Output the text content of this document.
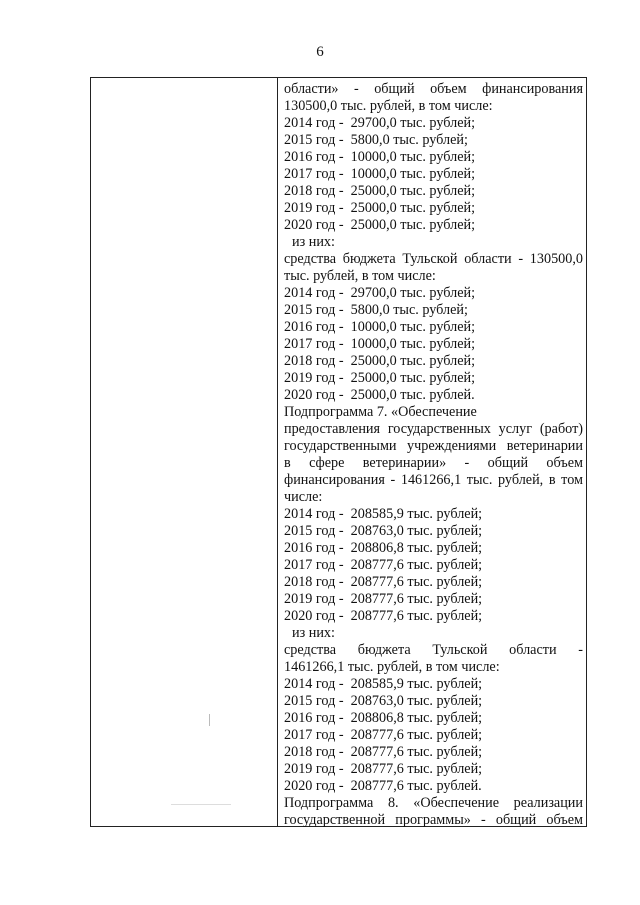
6
области» - общий объем финансирования
130500,0 тыс. рублей, в том числе:
2014 год -  29700,0 тыс. рублей;
2015 год -  5800,0 тыс. рублей;
2016 год -  10000,0 тыс. рублей;
2017 год -  10000,0 тыс. рублей;
2018 год -  25000,0 тыс. рублей;
2019 год -  25000,0 тыс. рублей;
2020 год -  25000,0 тыс. рублей;
из них:
средства бюджета Тульской области - 130500,0
тыс. рублей, в том числе:
2014 год -  29700,0 тыс. рублей;
2015 год -  5800,0 тыс. рублей;
2016 год -  10000,0 тыс. рублей;
2017 год -  10000,0 тыс. рублей;
2018 год -  25000,0 тыс. рублей;
2019 год -  25000,0 тыс. рублей;
2020 год -  25000,0 тыс. рублей.
Подпрограмма 7. «Обеспечение
предоставления государственных услуг (работ)
государственными учреждениями ветеринарии
в сфере ветеринарии» - общий объем
финансирования - 1461266,1 тыс. рублей, в том
числе:
2014 год -  208585,9 тыс. рублей;
2015 год -  208763,0 тыс. рублей;
2016 год -  208806,8 тыс. рублей;
2017 год -  208777,6 тыс. рублей;
2018 год -  208777,6 тыс. рублей;
2019 год -  208777,6 тыс. рублей;
2020 год -  208777,6 тыс. рублей;
из них:
средства бюджета Тульской области -
1461266,1 тыс. рублей, в том числе:
2014 год -  208585,9 тыс. рублей;
2015 год -  208763,0 тыс. рублей;
2016 год -  208806,8 тыс. рублей;
2017 год -  208777,6 тыс. рублей;
2018 год -  208777,6 тыс. рублей;
2019 год -  208777,6 тыс. рублей;
2020 год -  208777,6 тыс. рублей.
Подпрограмма 8. «Обеспечение реализации
государственной программы» - общий объем
